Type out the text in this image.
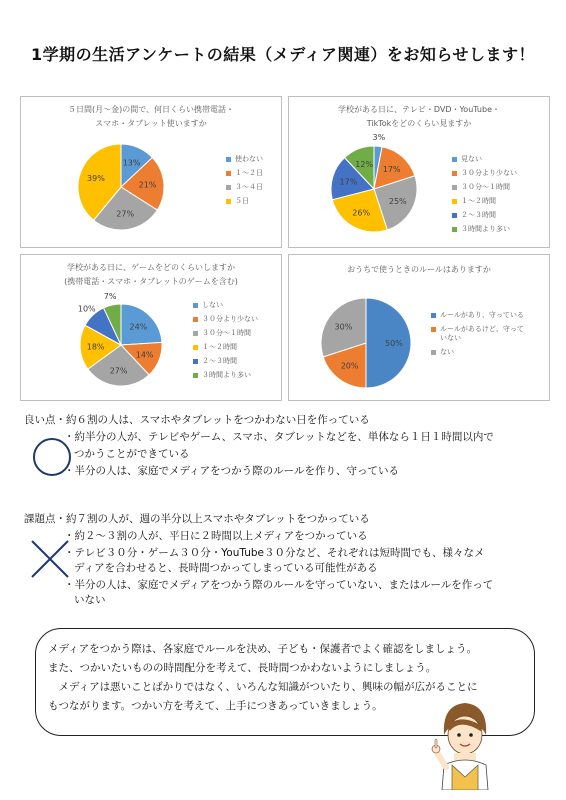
1学期の生活アンケートの結果（メディア関連）をお知らせします！
５日間(月～金)の間で、何日くらい携帯電話・
スマホ・タブレット使いますか
13%
21%
27%
39%
使わない
１～２日
３～４日
５日
学校がある日に、テレビ・DVD・YouTube・
TikTokをどのくらい見ますか
3%
17%
25%
26%
17%
12%
見ない
３０分より少ない
３０分～１時間
１～２時間
２～３時間
３時間より多い
学校がある日に、ゲームをどのくらいしますか
(携帯電話・スマホ・タブレットのゲームを含む)
24%
14%
27%
18%
10%
7%
しない
３０分より少ない
３０分～１時間
１～２時間
２～３時間
３時間より多い
おうちで使うときのルールはありますか
50%
20%
30%
ルールがあり、守っている
ルールがあるけど、守って
いない
ない
良い点・約６割の人は、スマホやタブレットをつかわない日を作っている
・約半分の人が、テレビやゲーム、スマホ、タブレットなどを、単体なら１日１時間以内で
つかうことができている
・半分の人は、家庭でメディアをつかう際のルールを作り、守っている
課題点・約７割の人が、週の半分以上スマホやタブレットをつかっている
・約２～３割の人が、平日に２時間以上メディアをつかっている
・テレビ３０分・ゲーム３０分・YouTube３０分など、それぞれは短時間でも、様々なメ
ディアを合わせると、長時間つかってしまっている可能性がある
・半分の人は、家庭でメディアをつかう際のルールを守っていない、またはルールを作って
いない
メディアをつかう際は、各家庭でルールを決め、子ども・保護者でよく確認をしましょう。
また、つかいたいものの時間配分を考えて、長時間つかわないようにしましょう。
　メディアは悪いことばかりではなく、いろんな知識がついたり、興味の幅が広がることに
もつながります。つかい方を考えて、上手につきあっていきましょう。
